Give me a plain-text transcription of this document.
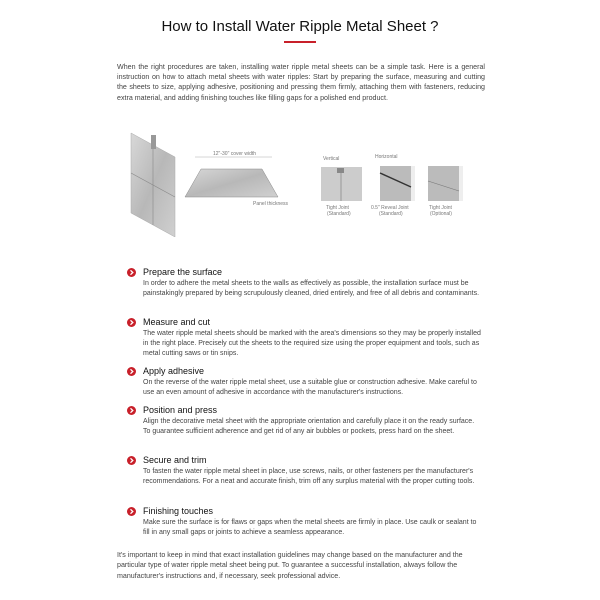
How to Install Water Ripple Metal Sheet ?
When the right procedures are taken, installing water ripple metal sheets can be a simple task. Here is a general instruction on how to attach metal sheets with water ripples: Start by preparing the surface, measuring and cutting the sheets to size, applying adhesive, positioning and pressing them firmly, attaching them with fasteners, reducing extra material, and adding finishing touches like filling gaps for a polished end product.
12"-30" cover width
Panel thickness
Vertical	Horizontal
Tight Joint
(Standard)
0.5" Reveal Joint
(Standard)
Tight Joint
(Optional)
Prepare the surface

In order to adhere the metal sheets to the walls as effectively as possible, the installation surface must be painstakingly prepared by being scrupulously cleaned, dried entirely, and free of all debris and contaminants.

Measure and cut

The water ripple metal sheets should be marked with the area's dimensions so they may be properly installed in the right place. Precisely cut the sheets to the required size using the proper equipment and tools, such as metal cutting saws or tin snips.

Apply adhesive

On the reverse of the water ripple metal sheet, use a suitable glue or construction adhesive. Make careful to use an even amount of adhesive in accordance with the manufacturer's instructions.

Position and press

Align the decorative metal sheet with the appropriate orientation and carefully place it on the ready surface. To guarantee sufficient adherence and get rid of any air bubbles or pockets, press hard on the sheet.

Secure and trim

To fasten the water ripple metal sheet in place, use screws, nails, or other fasteners per the manufacturer's recommendations. For a neat and accurate finish, trim off any surplus material with the proper cutting tools.

Finishing touches

Make sure the surface is for flaws or gaps when the metal sheets are firmly in place. Use caulk or sealant to fill in any small gaps or joints to achieve a seamless appearance.

It's important to keep in mind that exact installation guidelines may change based on the manufacturer and the particular type of water ripple metal sheet being put. To guarantee a successful installation, always follow the manufacturer's instructions and, if necessary, seek professional advice.
